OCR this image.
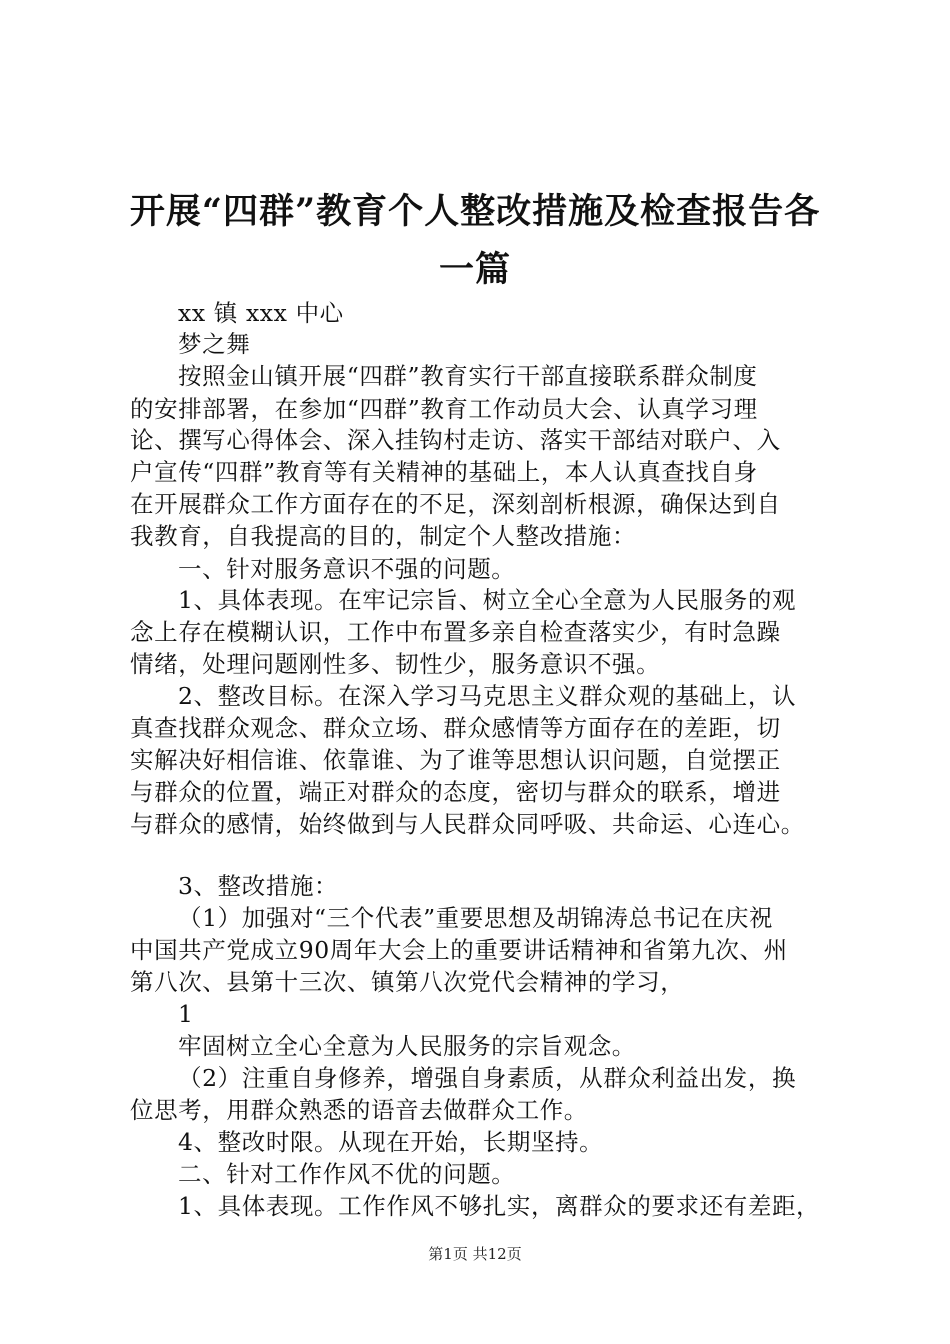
开展“四群”教育个人整改措施及检查报告各
一篇
xx 镇 xxx 中心
梦之舞
按照金山镇开展“四群”教育实行干部直接联系群众制度
的安排部署，在参加“四群”教育工作动员大会、认真学习理
论、撰写心得体会、深入挂钩村走访、落实干部结对联户、入
户宣传“四群”教育等有关精神的基础上，本人认真查找自身
在开展群众工作方面存在的不足，深刻剖析根源，确保达到自
我教育，自我提高的目的，制定个人整改措施：
一、针对服务意识不强的问题。
1、具体表现。在牢记宗旨、树立全心全意为人民服务的观
念上存在模糊认识，工作中布置多亲自检查落实少，有时急躁
情绪，处理问题刚性多、韧性少，服务意识不强。
2、整改目标。在深入学习马克思主义群众观的基础上，认
真查找群众观念、群众立场、群众感情等方面存在的差距，切
实解决好相信谁、依靠谁、为了谁等思想认识问题，自觉摆正
与群众的位置，端正对群众的态度，密切与群众的联系，增进
与群众的感情，始终做到与人民群众同呼吸、共命运、心连心。
3、整改措施：
（1）加强对“三个代表”重要思想及胡锦涛总书记在庆祝
中国共产党成立90周年大会上的重要讲话精神和省第九次、州
第八次、县第十三次、镇第八次党代会精神的学习，
1
牢固树立全心全意为人民服务的宗旨观念。
（2）注重自身修养，增强自身素质，从群众利益出发，换
位思考，用群众熟悉的语音去做群众工作。
4、整改时限。从现在开始，长期坚持。
二、针对工作作风不优的问题。
1、具体表现。工作作风不够扎实，离群众的要求还有差距，
第1页 共12页
